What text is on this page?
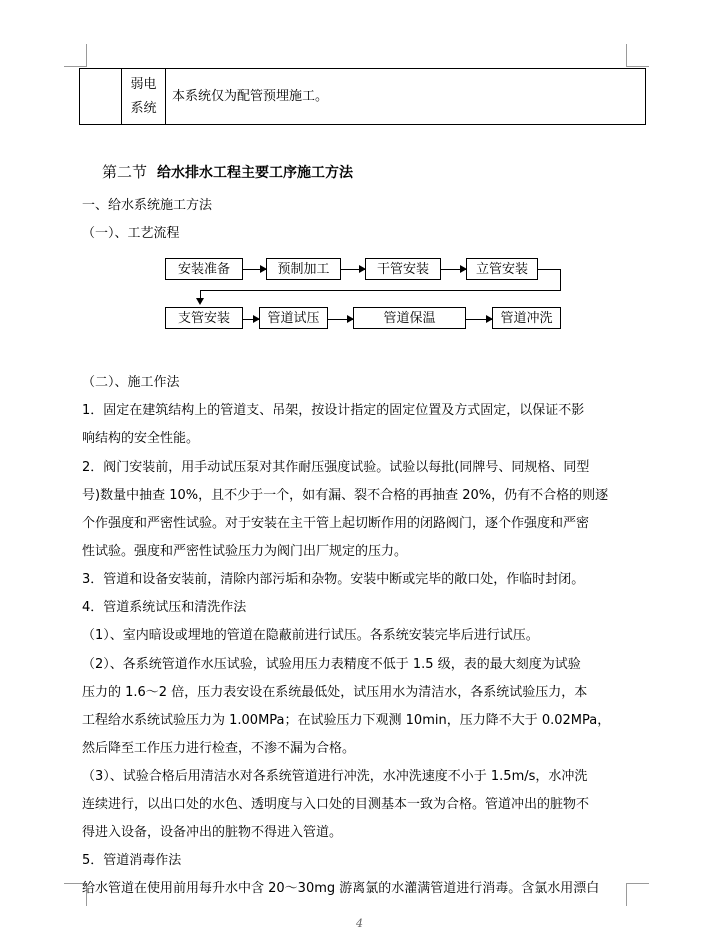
弱电
系统
	本系统仅为配管预埋施工。
第二节 给水排水工程主要工序施工方法
一、给水系统施工方法
（一）、工艺流程
安装准备	预制加工	干管安装	立管安装
支管安装	管道试压	管道保温	管道冲洗
（二）、施工作法
1．固定在建筑结构上的管道支、吊架，按设计指定的固定位置及方式固定，以保证不影
响结构的安全性能。
2．阀门安装前，用手动试压泵对其作耐压强度试验。试验以每批(同牌号、同规格、同型
号)数量中抽查 10%，且不少于一个，如有漏、裂不合格的再抽查 20%，仍有不合格的则逐
个作强度和严密性试验。对于安装在主干管上起切断作用的闭路阀门，逐个作强度和严密
性试验。强度和严密性试验压力为阀门出厂规定的压力。
3．管道和设备安装前，清除内部污垢和杂物。安装中断或完毕的敞口处，作临时封闭。
4．管道系统试压和清洗作法
（1）、室内暗设或埋地的管道在隐蔽前进行试压。各系统安装完毕后进行试压。
（2）、各系统管道作水压试验，试验用压力表精度不低于 1.5 级，表的最大刻度为试验
压力的 1.6～2 倍，压力表安设在系统最低处，试压用水为清洁水，各系统试验压力，本
工程给水系统试验压力为 1.00MPa；在试验压力下观测 10min，压力降不大于 0.02MPa，
然后降至工作压力进行检查，不渗不漏为合格。
（3）、试验合格后用清洁水对各系统管道进行冲洗，水冲洗速度不小于 1.5m/s，水冲洗
连续进行，以出口处的水色、透明度与入口处的目测基本一致为合格。管道冲出的脏物不
得进入设备，设备冲出的脏物不得进入管道。
5．管道消毒作法
给水管道在使用前用每升水中含 20～30mg 游离氯的水灌满管道进行消毒。含氯水用漂白
4
